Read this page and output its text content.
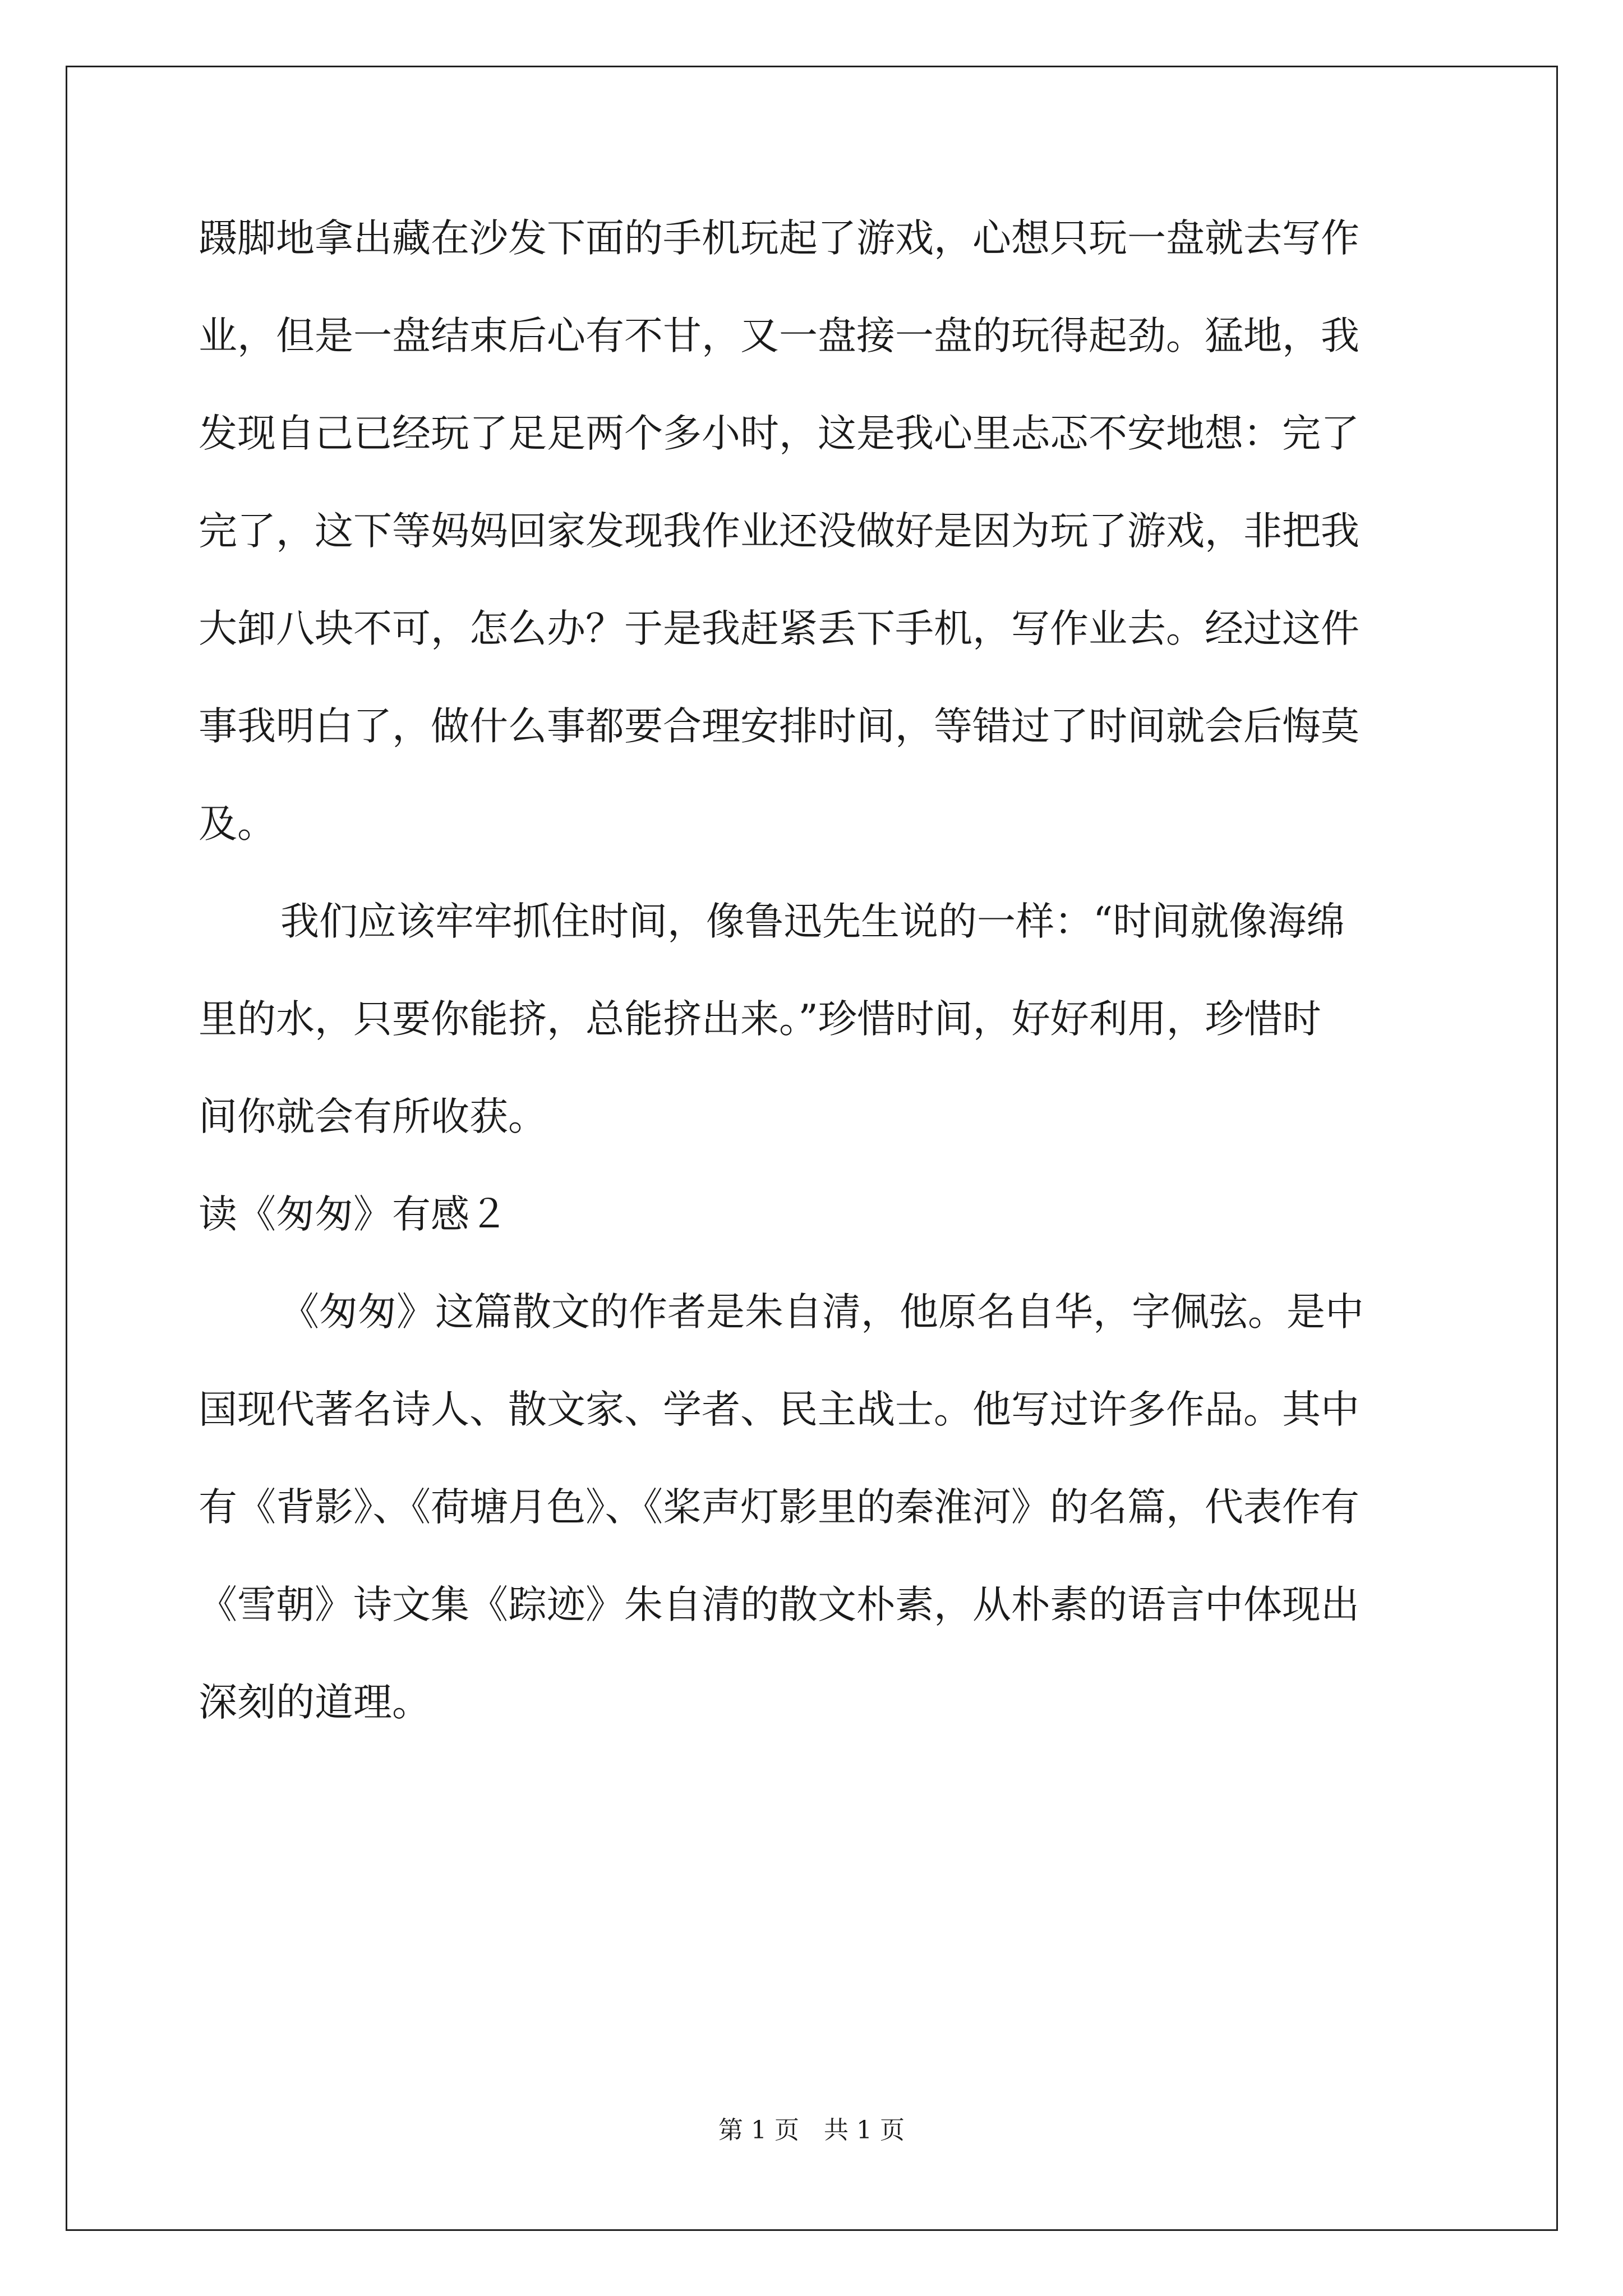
蹑脚地拿出藏在沙发下面的手机玩起了游戏，心想只玩一盘就去写作

业，但是一盘结束后心有不甘，又一盘接一盘的玩得起劲。猛地，我

发现自己已经玩了足足两个多小时，这是我心里忐忑不安地想：完了

完了，这下等妈妈回家发现我作业还没做好是因为玩了游戏，非把我

大卸八块不可，怎么办？于是我赶紧丢下手机，写作业去。经过这件

事我明白了，做什么事都要合理安排时间，等错过了时间就会后悔莫

及。

我们应该牢牢抓住时间，像鲁迅先生说的一样：“时间就像海绵

里的水，只要你能挤，总能挤出来。”珍惜时间，好好利用，珍惜时

间你就会有所收获。

读《匆匆》有感２

《匆匆》这篇散文的作者是朱自清，他原名自华，字佩弦。是中

国现代著名诗人、散文家、学者、民主战士。他写过许多作品。其中

有《背影》、《荷塘月色》、《桨声灯影里的秦淮河》的名篇，代表作有

《雪朝》诗文集《踪迹》朱自清的散文朴素，从朴素的语言中体现出

深刻的道理。

第 1 页　共 1 页
